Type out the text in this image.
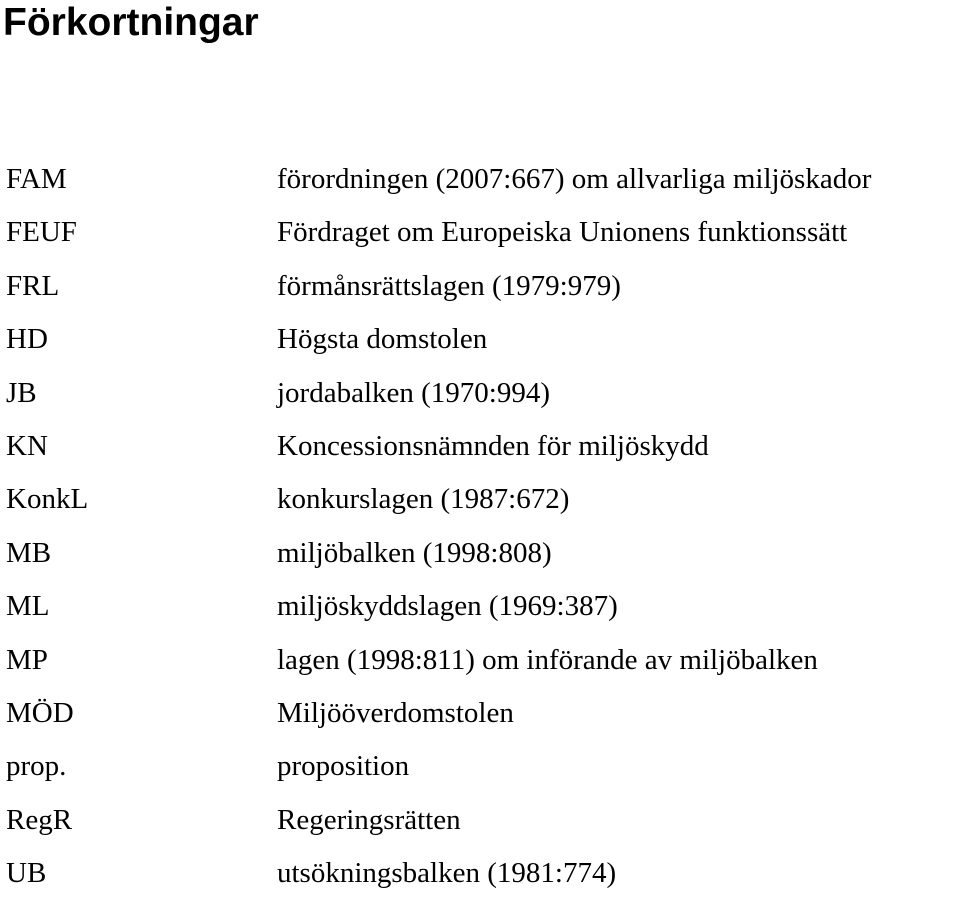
Förkortningar
FAM	förordningen (2007:667) om allvarliga miljöskador
FEUF	Fördraget om Europeiska Unionens funktionssätt
FRL	förmånsrättslagen (1979:979)
HD	Högsta domstolen
JB	jordabalken (1970:994)
KN	Koncessionsnämnden för miljöskydd
KonkL	konkurslagen (1987:672)
MB	miljöbalken (1998:808)
ML	miljöskyddslagen (1969:387)
MP	lagen (1998:811) om införande av miljöbalken
MÖD	Miljööverdomstolen
prop.	proposition
RegR	Regeringsrätten
UB	utsökningsbalken (1981:774)
